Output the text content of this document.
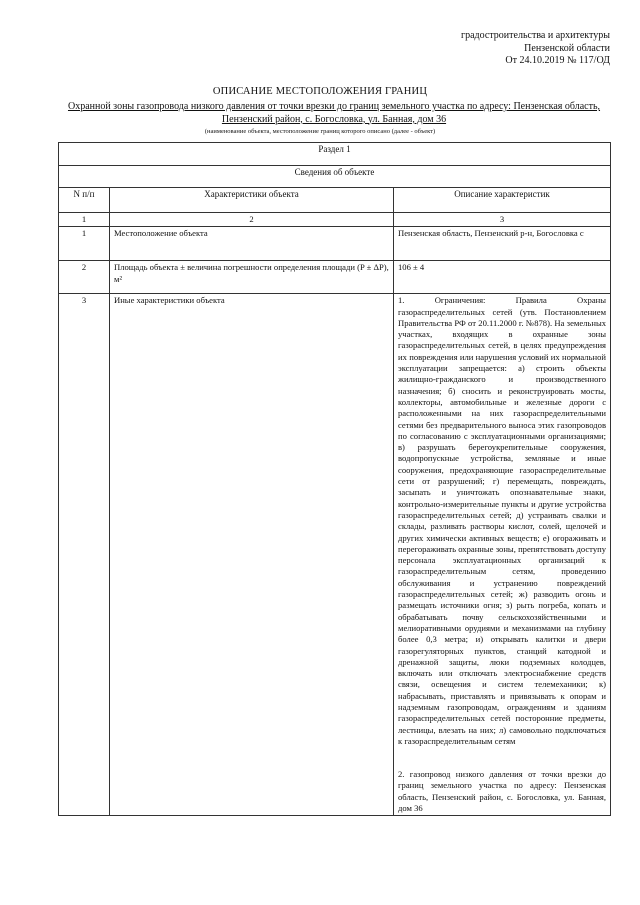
градостроительства и архитектуры
Пензенской области
От 24.10.2019 № 117/ОД
ОПИСАНИЕ МЕСТОПОЛОЖЕНИЯ ГРАНИЦ
Охранной зоны газопровода низкого давления от точки врезки до границ земельного участка по адресу: Пензенская область, Пензенский район, с. Богословка, ул. Банная, дом 36
(наименование объекта, местоположение границ которого описано (далее - объект)
Раздел 1		
Сведения об объекте		
N п/п	Характеристики объекта	Описание характеристик
1	2	3
1	Местоположение объекта	Пензенская область, Пензенский р-н, Богословка с
2	Площадь объекта ± величина погрешности определения площади (P ± ΔP), м²	106 ± 4
3	Иные характеристики объекта	1. Ограничения: Правила Охраны газораспределительных сетей (утв. Постановлением Правительства РФ от 20.11.2000 г. №878). На земельных участках, входящих в охранные зоны газораспределительных сетей, в целях предупреждения их повреждения или нарушения условий их нормальной эксплуатации запрещается: а) строить объекты жилищно-гражданского и производственного назначения; б) сносить и реконструировать мосты, коллекторы, автомобильные и железные дороги с расположенными на них газораспределительными сетями без предварительного выноса этих газопроводов по согласованию с эксплуатационными организациями; в) разрушать берегоукрепительные сооружения, водопропускные устройства, земляные и иные сооружения, предохраняющие газораспределительные сети от разрушений; г) перемещать, повреждать, засыпать и уничтожать опознавательные знаки, контрольно-измерительные пункты и другие устройства газораспределительных сетей; д) устраивать свалки и склады, разливать растворы кислот, солей, щелочей и других химически активных веществ; е) огораживать и перегораживать охранные зоны, препятствовать доступу персонала эксплуатационных организаций к газораспределительным сетям, проведению обслуживания и устранению повреждений газораспределительных сетей; ж) разводить огонь и размещать источники огня; з) рыть погреба, копать и обрабатывать почву сельскохозяйственными и мелиоративными орудиями и механизмами на глубину более 0,3 метра; и) открывать калитки и двери газорегуляторных пунктов, станций катодной и дренажной защиты, люки подземных колодцев, включать или отключать электроснабжение средств связи, освещения и систем телемеханики; к) набрасывать, приставлять и привязывать к опорам и надземным газопроводам, ограждениям и зданиям газораспределительных сетей посторонние предметы, лестницы, влезать на них; л) самовольно подключаться к газораспределительным сетям

2. газопровод низкого давления от точки врезки до границ земельного участка по адресу: Пензенская область, Пензенский район, с. Богословка, ул. Банная, дом 36
